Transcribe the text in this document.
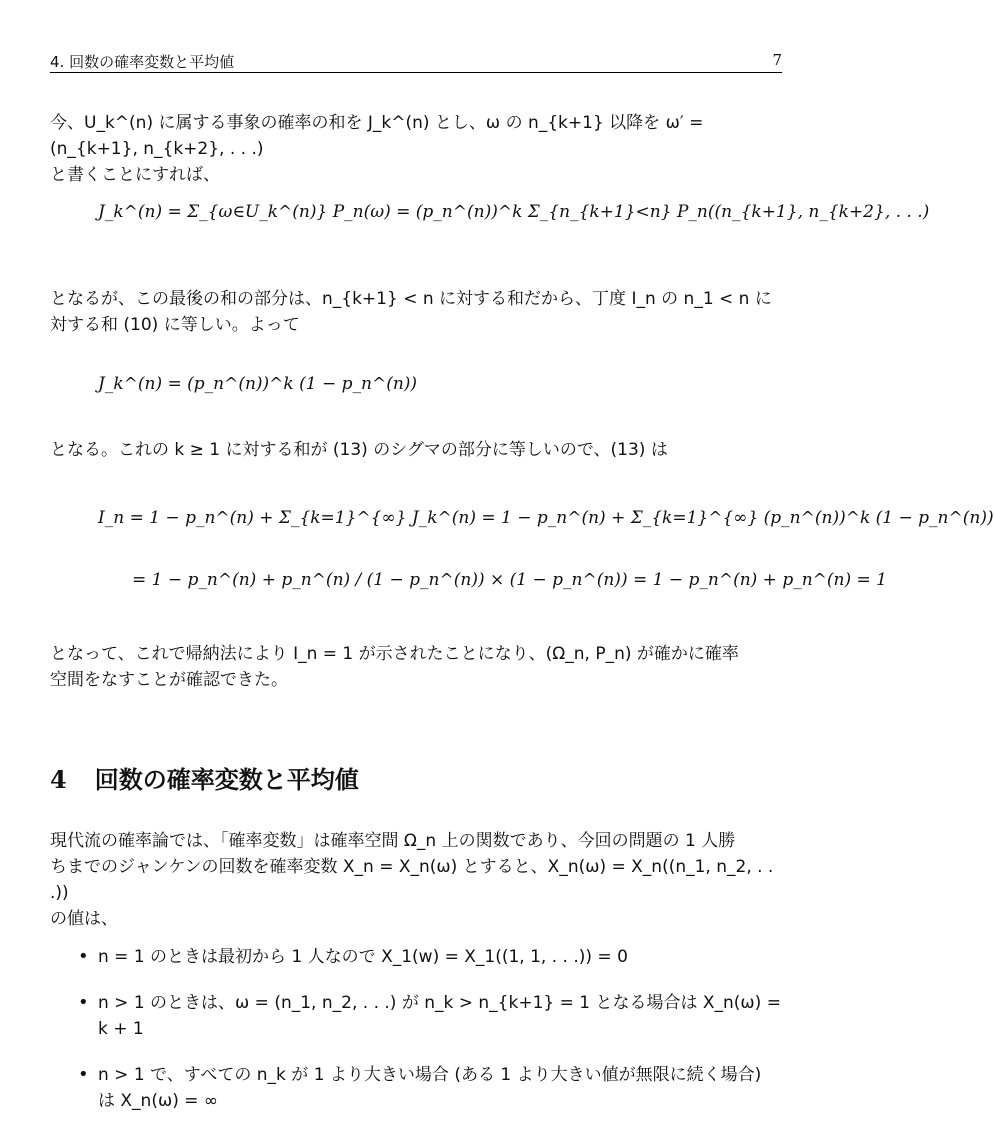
4. 回数の確率変数と平均値	7
今、U_k^(n) に属する事象の確率の和を J_k^(n) とし、ω の n_{k+1} 以降を ω′ = (n_{k+1}, n_{k+2}, . . .)
と書くことにすれば、
J_k^(n) = Σ_{ω∈U_k^(n)} P_n(ω) = (p_n^(n))^k Σ_{n_{k+1}<n} P_n((n_{k+1}, n_{k+2}, . . .)
となるが、この最後の和の部分は、n_{k+1} < n に対する和だから、丁度 I_n の n_1 < n に
対する和 (10) に等しい。よって
J_k^(n) = (p_n^(n))^k (1 − p_n^(n))
となる。これの k ≥ 1 に対する和が (13) のシグマの部分に等しいので、(13) は
I_n = 1 − p_n^(n) + Σ_{k=1}^{∞} J_k^(n) = 1 − p_n^(n) + Σ_{k=1}^{∞} (p_n^(n))^k (1 − p_n^(n))
= 1 − p_n^(n) + p_n^(n) / (1 − p_n^(n)) × (1 − p_n^(n)) = 1 − p_n^(n) + p_n^(n) = 1
となって、これで帰納法により I_n = 1 が示されたことになり、(Ω_n, P_n) が確かに確率
空間をなすことが確認できた。
4 回数の確率変数と平均値
現代流の確率論では、「確率変数」は確率空間 Ω_n 上の関数であり、今回の問題の 1 人勝
ちまでのジャンケンの回数を確率変数 X_n = X_n(ω) とすると、X_n(ω) = X_n((n_1, n_2, . . .))
の値は、
• n = 1 のときは最初から 1 人なので X_1(w) = X_1((1, 1, . . .)) = 0
• n > 1 のときは、ω = (n_1, n_2, . . .) が n_k > n_{k+1} = 1 となる場合は X_n(ω) = k + 1
• n > 1 で、すべての n_k が 1 より大きい場合 (ある 1 より大きい値が無限に続く場合) は X_n(ω) = ∞
